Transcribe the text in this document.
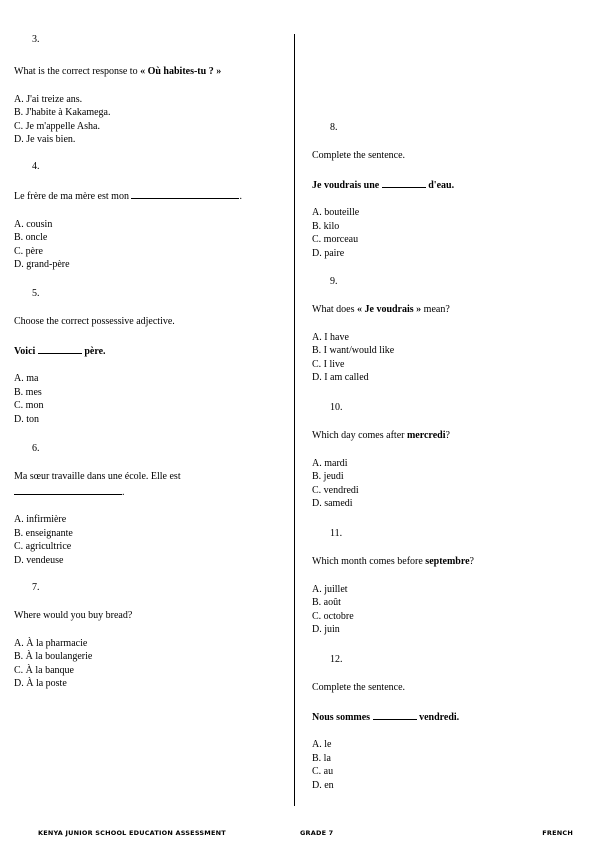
3.
What is the correct response to « Où habites-tu ? »
A. J'ai treize ans.
B. J'habite à Kakamega.
C. Je m'appelle Asha.
D. Je vais bien.
4.
Le frère de ma mère est mon	.
A. cousin
B. oncle
C. père
D. grand-père
5.
Choose the correct possessive adjective.
Voici	père.
A. ma
B. mes
C. mon
D. ton
6.
Ma sœur travaille dans une école. Elle est
.
A. infirmière
B. enseignante
C. agricultrice
D. vendeuse
7.
Where would you buy bread?
A. À la pharmacie
B. À la boulangerie
C. À la banque
D. À la poste
8.
Complete the sentence.
Je voudrais une	d'eau.
A. bouteille
B. kilo
C. morceau
D. paire
9.
What does « Je voudrais » mean?
A. I have
B. I want/would like
C. I live
D. I am called
10.
Which day comes after mercredi?
A. mardi
B. jeudi
C. vendredi
D. samedi
11.
Which month comes before septembre?
A. juillet
B. août
C. octobre
D. juin
12.
Complete the sentence.
Nous sommes	vendredi.
A. le
B. la
C. au
D. en
KENYA JUNIOR SCHOOL EDUCATION ASSESSMENT	GRADE 7	FRENCH
